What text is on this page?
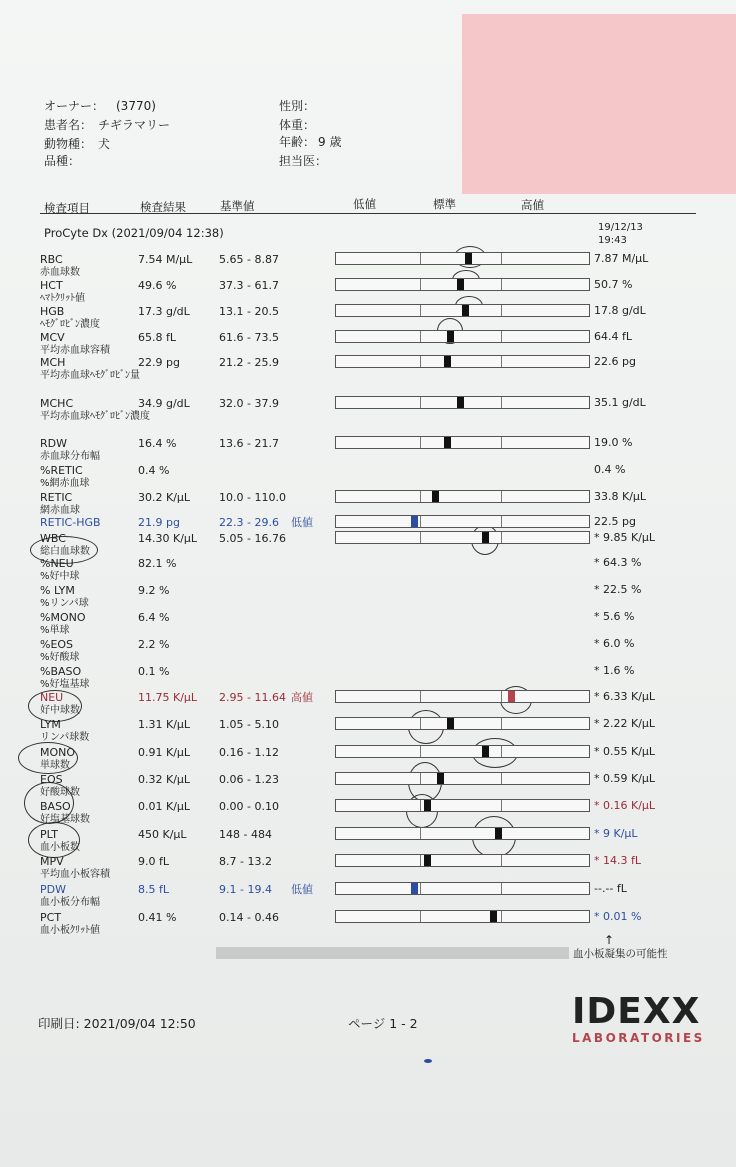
オーナー： (3770)
患者名： チギラマリー
動物種： 犬
品種：
性別：
体重：
年齢： 9 歳
担当医：
検査項目	検査結果	基準値	低値	標準	高値
ProCyte Dx (2021/09/04 12:38)	19/12/13
19:43
↑
血小板凝集の可能性
印刷日: 2021/09/04 12:50	ページ 1 - 2	IDEXX
LABORATORIES
RBC
赤血球数
7.54 M/μL 5.65 - 8.87	7.87 M/μL
HCT
ﾍﾏﾄｸﾘｯﾄ値
49.6 %	37.3 - 61.7	50.7 %
HGB
ﾍﾓｸﾞﾛﾋﾞﾝ濃度
17.3 g/dL	13.1 - 20.5	17.8 g/dL
MCV
平均赤血球容積
65.8 fL	61.6 - 73.5	64.4 fL
MCH
平均赤血球ﾍﾓｸﾞﾛﾋﾞﾝ量
22.9 pg	21.2 - 25.9	22.6 pg
MCHC
平均赤血球ﾍﾓｸﾞﾛﾋﾞﾝ濃度
34.9 g/dL	32.0 - 37.9	35.1 g/dL
RDW
赤血球分布幅
16.4 %	13.6 - 21.7	19.0 %
%RETIC
%網赤血球
0.4 %	0.4 %
RETIC
網赤血球
30.2 K/μL	10.0 - 110.0	33.8 K/μL
RETIC-HGB	21.9 pg	22.3 - 29.6 低値	22.5 pg
WBC
総白血球数
14.30 K/μL 5.05 - 16.76	* 9.85 K/μL
%NEU
%好中球
82.1 %	* 64.3 %
% LYM
%リンパ球
9.2 %	* 22.5 %
%MONO
%単球
6.4 %	* 5.6 %
%EOS
%好酸球
2.2 %	* 6.0 %
%BASO
%好塩基球
0.1 %	* 1.6 %
NEU
好中球数
11.75 K/μL 2.95 - 11.64 高値	* 6.33 K/μL
LYM
リンパ球数
1.31 K/μL	1.05 - 5.10	* 2.22 K/μL
MONO
単球数
0.91 K/μL	0.16 - 1.12	* 0.55 K/μL
EOS
好酸球数
0.32 K/μL	0.06 - 1.23	* 0.59 K/μL
BASO
好塩基球数
0.01 K/μL	0.00 - 0.10	* 0.16 K/μL
PLT
血小板数
450 K/μL	148 - 484	* 9 K/μL
MPV
平均血小板容積
9.0 fL	8.7 - 13.2	* 14.3 fL
PDW
血小板分布幅
8.5 fL	9.1 - 19.4 低値	--.-- fL
PCT
血小板ｸﾘｯﾄ値
0.41 %	0.14 - 0.46	* 0.01 %
